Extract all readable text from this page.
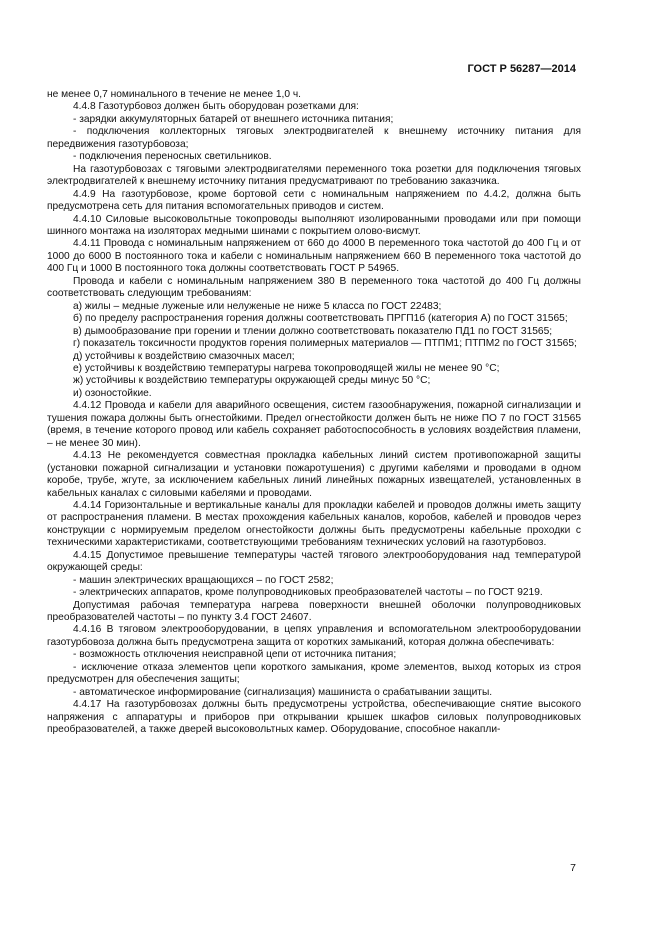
ГОСТ Р 56287—2014

не менее 0,7 номинального в течение не менее 1,0 ч.

4.4.8 Газотурбовоз должен быть оборудован розетками для:

- зарядки аккумуляторных батарей от внешнего источника питания;

- подключения коллекторных тяговых электродвигателей к внешнему источнику питания для передвижения газотурбовоза;

- подключения переносных светильников.

На газотурбовозах с тяговыми электродвигателями переменного тока розетки для подключения тяговых электродвигателей к внешнему источнику питания предусматривают по требованию заказчика.

4.4.9 На газотурбовозе, кроме бортовой сети с номинальным напряжением по 4.4.2, должна быть предусмотрена сеть для питания вспомогательных приводов и систем.

4.4.10 Силовые высоковольтные токопроводы выполняют изолированными проводами или при помощи шинного монтажа на изоляторах медными шинами с покрытием олово-висмут.

4.4.11 Провода с номинальным напряжением от 660 до 4000 В переменного тока частотой до 400 Гц и от 1000 до 6000 В постоянного тока и кабели с номинальным напряжением 660 В переменного тока частотой до 400 Гц и 1000 В постоянного тока должны соответствовать ГОСТ Р 54965.

Провода и кабели с номинальным напряжением 380 В переменного тока частотой до 400 Гц должны соответствовать следующим требованиям:

а) жилы – медные луженые или нелуженые не ниже 5 класса по ГОСТ 22483;

б) по пределу распространения горения должны соответствовать ПРГП1б (категория А) по ГОСТ 31565;

в) дымообразование при горении и тлении должно соответствовать показателю ПД1 по ГОСТ 31565;

г) показатель токсичности продуктов горения полимерных материалов — ПТПМ1; ПТПМ2 по ГОСТ 31565;

д) устойчивы к воздействию смазочных масел;

е) устойчивы к воздействию температуры нагрева токопроводящей жилы не менее 90 °С;

ж) устойчивы к воздействию температуры окружающей среды минус 50 °С;

и) озоностойкие.

4.4.12 Провода и кабели для аварийного освещения, систем газообнаружения, пожарной сигнализации и тушения пожара должны быть огнестойкими. Предел огнестойкости должен быть не ниже ПО 7 по ГОСТ 31565 (время, в течение которого провод или кабель сохраняет работоспособность в условиях воздействия пламени, – не менее 30 мин).

4.4.13 Не рекомендуется совместная прокладка кабельных линий систем противопожарной защиты (установки пожарной сигнализации и установки пожаротушения) с другими кабелями и проводами в одном коробе, трубе, жгуте, за исключением кабельных линий линейных пожарных извещателей, установленных в кабельных каналах с силовыми кабелями и проводами.

4.4.14 Горизонтальные и вертикальные каналы для прокладки кабелей и проводов должны иметь защиту от распространения пламени. В местах прохождения кабельных каналов, коробов, кабелей и проводов через конструкции с нормируемым пределом огнестойкости должны быть предусмотрены кабельные проходки с техническими характеристиками, соответствующими требованиям технических условий на газотурбовоз.

4.4.15 Допустимое превышение температуры частей тягового электрооборудования над температурой окружающей среды:

- машин электрических вращающихся – по ГОСТ 2582;

- электрических аппаратов, кроме полупроводниковых преобразователей частоты – по ГОСТ 9219.

Допустимая рабочая температура нагрева поверхности внешней оболочки полупроводниковых преобразователей частоты – по пункту 3.4 ГОСТ 24607.

4.4.16 В тяговом электрооборудовании, в цепях управления и вспомогательном электрооборудовании газотурбовоза должна быть предусмотрена защита от коротких замыканий, которая должна обеспечивать:

- возможность отключения неисправной цепи от источника питания;

- исключение отказа элементов цепи короткого замыкания, кроме элементов, выход которых из строя предусмотрен для обеспечения защиты;

- автоматическое информирование (сигнализация) машиниста о срабатывании защиты.

4.4.17 На газотурбовозах должны быть предусмотрены устройства, обеспечивающие снятие высокого напряжения с аппаратуры и приборов при открывании крышек шкафов силовых полупроводниковых преобразователей, а также дверей высоковольтных камер. Оборудование, способное накапли-

7
